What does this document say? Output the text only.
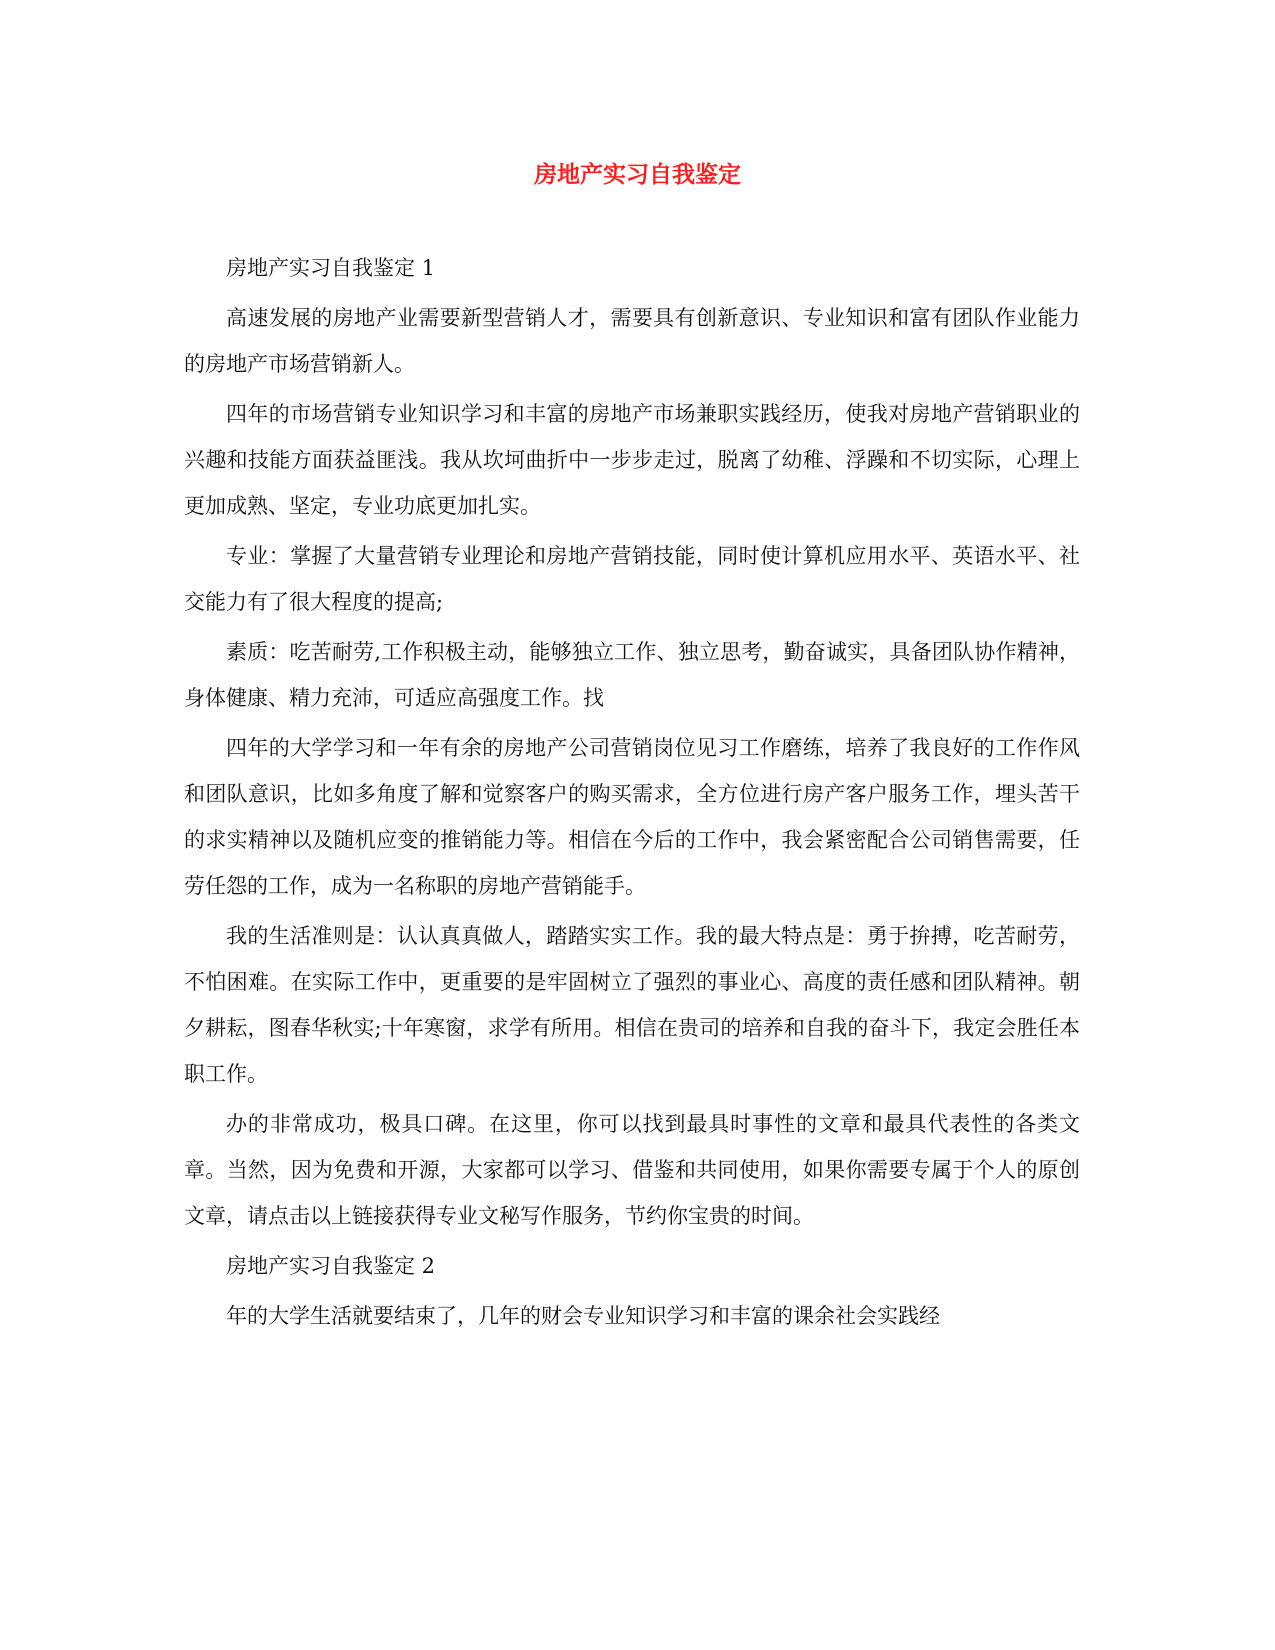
房地产实习自我鉴定

房地产实习自我鉴定 1

高速发展的房地产业需要新型营销人才，需要具有创新意识、专业知识和富有团队作业能力的房地产市场营销新人。

四年的市场营销专业知识学习和丰富的房地产市场兼职实践经历，使我对房地产营销职业的兴趣和技能方面获益匪浅。我从坎坷曲折中一步步走过，脱离了幼稚、浮躁和不切实际，心理上更加成熟、坚定，专业功底更加扎实。

专业：掌握了大量营销专业理论和房地产营销技能，同时使计算机应用水平、英语水平、社交能力有了很大程度的提高;

素质：吃苦耐劳,工作积极主动，能够独立工作、独立思考，勤奋诚实，具备团队协作精神，身体健康、精力充沛，可适应高强度工作。找

四年的大学学习和一年有余的房地产公司营销岗位见习工作磨练，培养了我良好的工作作风和团队意识，比如多角度了解和觉察客户的购买需求，全方位进行房产客户服务工作，埋头苦干的求实精神以及随机应变的推销能力等。相信在今后的工作中，我会紧密配合公司销售需要，任劳任怨的工作，成为一名称职的房地产营销能手。

我的生活准则是：认认真真做人，踏踏实实工作。我的最大特点是：勇于拚搏，吃苦耐劳，不怕困难。在实际工作中，更重要的是牢固树立了强烈的事业心、高度的责任感和团队精神。朝夕耕耘，图春华秋实;十年寒窗，求学有所用。相信在贵司的培养和自我的奋斗下，我定会胜任本职工作。

办的非常成功，极具口碑。在这里，你可以找到最具时事性的文章和最具代表性的各类文章。当然，因为免费和开源，大家都可以学习、借鉴和共同使用，如果你需要专属于个人的原创文章，请点击以上链接获得专业文秘写作服务，节约你宝贵的时间。

房地产实习自我鉴定 2

年的大学生活就要结束了，几年的财会专业知识学习和丰富的课余社会实践经
